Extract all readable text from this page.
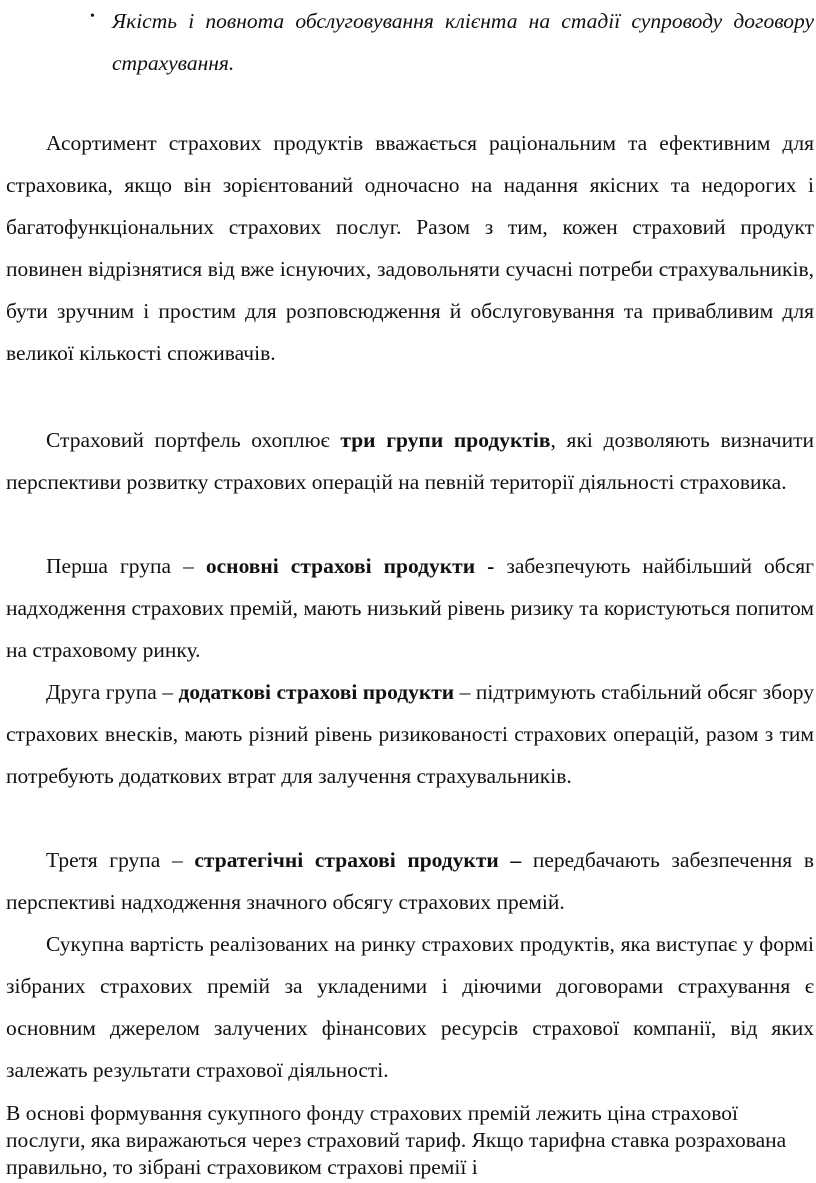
• Якість і повнота обслуговування клієнта на стадії супроводу договору страхування.

Асортимент страхових продуктів вважається раціональним та ефективним для страховика, якщо він зорієнтований одночасно на надання якісних та недорогих і багатофункціональних страхових послуг. Разом з тим, кожен страховий продукт повинен відрізнятися від вже існуючих, задовольняти сучасні потреби страхувальників, бути зручним і простим для розповсюдження й обслуговування та привабливим для великої кількості споживачів.

Страховий портфель охоплює три групи продуктів, які дозволяють визначити перспективи розвитку страхових операцій на певній території діяльності страховика.

Перша група – основні страхові продукти - забезпечують найбільший обсяг надходження страхових премій, мають низький рівень ризику та користуються попитом на страховому ринку.

Друга група – додаткові страхові продукти – підтримують стабільний обсяг збору страхових внесків, мають різний рівень ризикованості страхових операцій, разом з тим потребують додаткових втрат для залучення страхувальників.

Третя група – стратегічні страхові продукти – передбачають забезпечення в перспективі надходження значного обсягу страхових премій.

Сукупна вартість реалізованих на ринку страхових продуктів, яка виступає у формі зібраних страхових премій за укладеними і діючими договорами страхування є основним джерелом залучених фінансових ресурсів страхової компанії, від яких залежать результати страхової діяльності.

В основі формування сукупного фонду страхових премій лежить ціна страхової послуги, яка виражаються через страховий тариф. Якщо тарифна ставка розрахована правильно, то зібрані страховиком страхові премії і
